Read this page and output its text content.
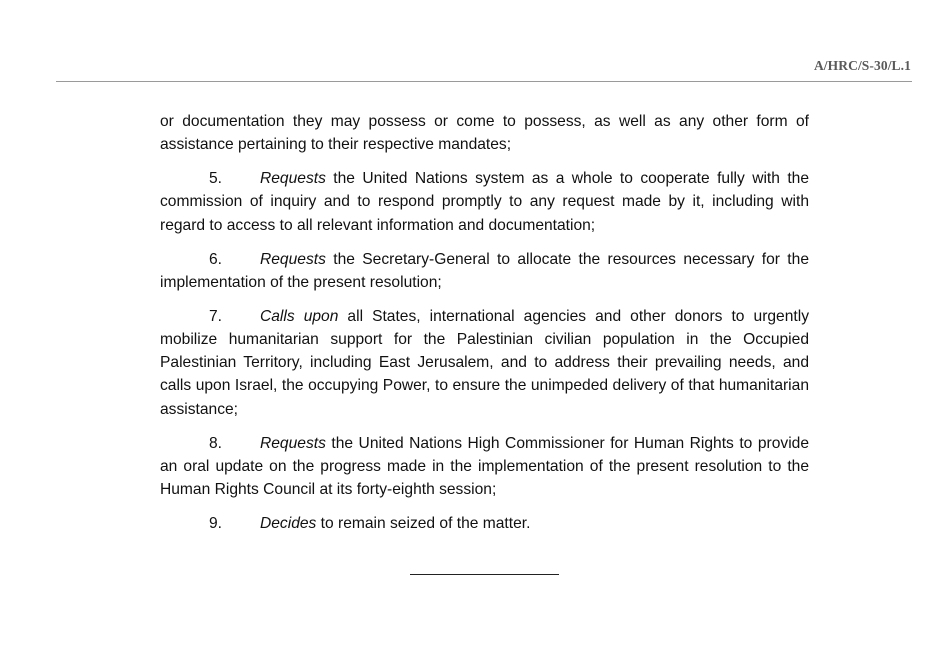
A/HRC/S-30/L.1

or documentation they may possess or come to possess, as well as any other form of assistance pertaining to their respective mandates;

5. Requests the United Nations system as a whole to cooperate fully with the commission of inquiry and to respond promptly to any request made by it, including with regard to access to all relevant information and documentation;

6. Requests the Secretary-General to allocate the resources necessary for the implementation of the present resolution;

7. Calls upon all States, international agencies and other donors to urgently mobilize humanitarian support for the Palestinian civilian population in the Occupied Palestinian Territory, including East Jerusalem, and to address their prevailing needs, and calls upon Israel, the occupying Power, to ensure the unimpeded delivery of that humanitarian assistance;

8. Requests the United Nations High Commissioner for Human Rights to provide an oral update on the progress made in the implementation of the present resolution to the Human Rights Council at its forty-eighth session;

9. Decides to remain seized of the matter.
